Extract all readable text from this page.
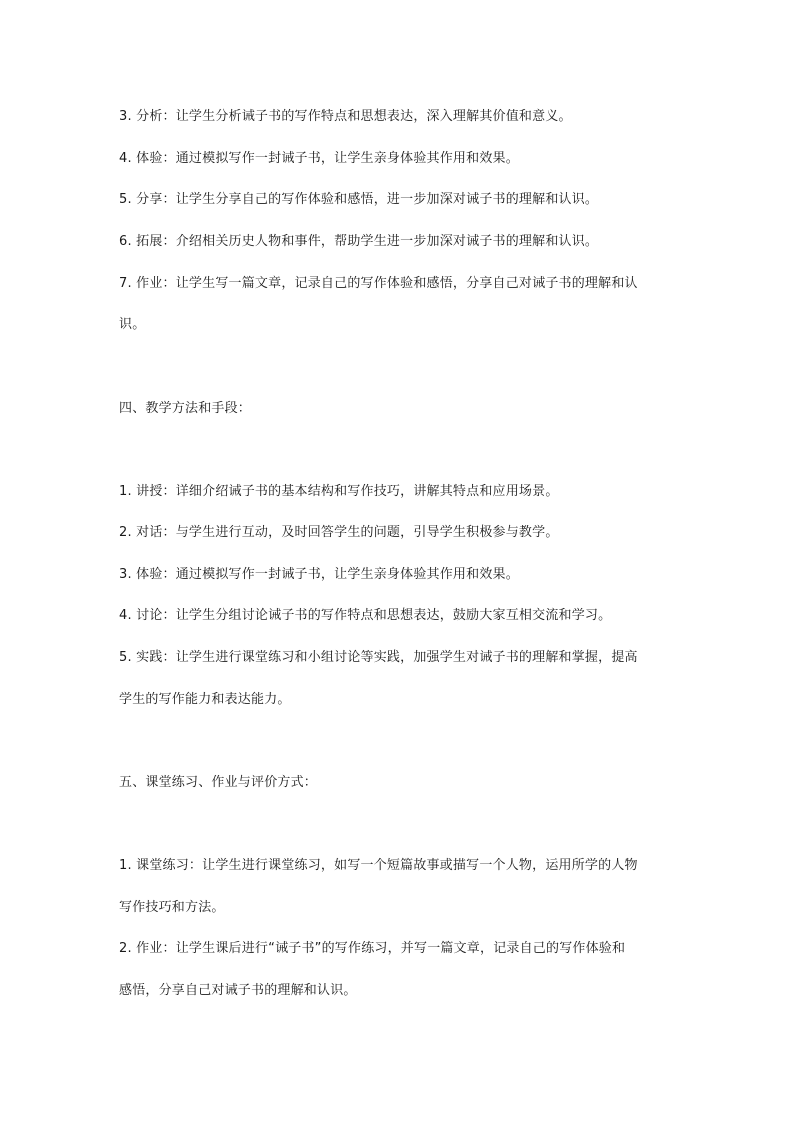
3. 分析：让学生分析诫子书的写作特点和思想表达，深入理解其价值和意义。
4. 体验：通过模拟写作一封诫子书，让学生亲身体验其作用和效果。
5. 分享：让学生分享自己的写作体验和感悟，进一步加深对诫子书的理解和认识。
6. 拓展：介绍相关历史人物和事件，帮助学生进一步加深对诫子书的理解和认识。
7. 作业：让学生写一篇文章，记录自己的写作体验和感悟，分享自己对诫子书的理解和认
识。
四、教学方法和手段：
1. 讲授：详细介绍诫子书的基本结构和写作技巧，讲解其特点和应用场景。
2. 对话：与学生进行互动，及时回答学生的问题，引导学生积极参与教学。
3. 体验：通过模拟写作一封诫子书，让学生亲身体验其作用和效果。
4. 讨论：让学生分组讨论诫子书的写作特点和思想表达，鼓励大家互相交流和学习。
5. 实践：让学生进行课堂练习和小组讨论等实践，加强学生对诫子书的理解和掌握，提高
学生的写作能力和表达能力。
五、课堂练习、作业与评价方式：
1. 课堂练习：让学生进行课堂练习，如写一个短篇故事或描写一个人物，运用所学的人物
写作技巧和方法。
2. 作业：让学生课后进行“诫子书”的写作练习，并写一篇文章，记录自己的写作体验和
感悟，分享自己对诫子书的理解和认识。
